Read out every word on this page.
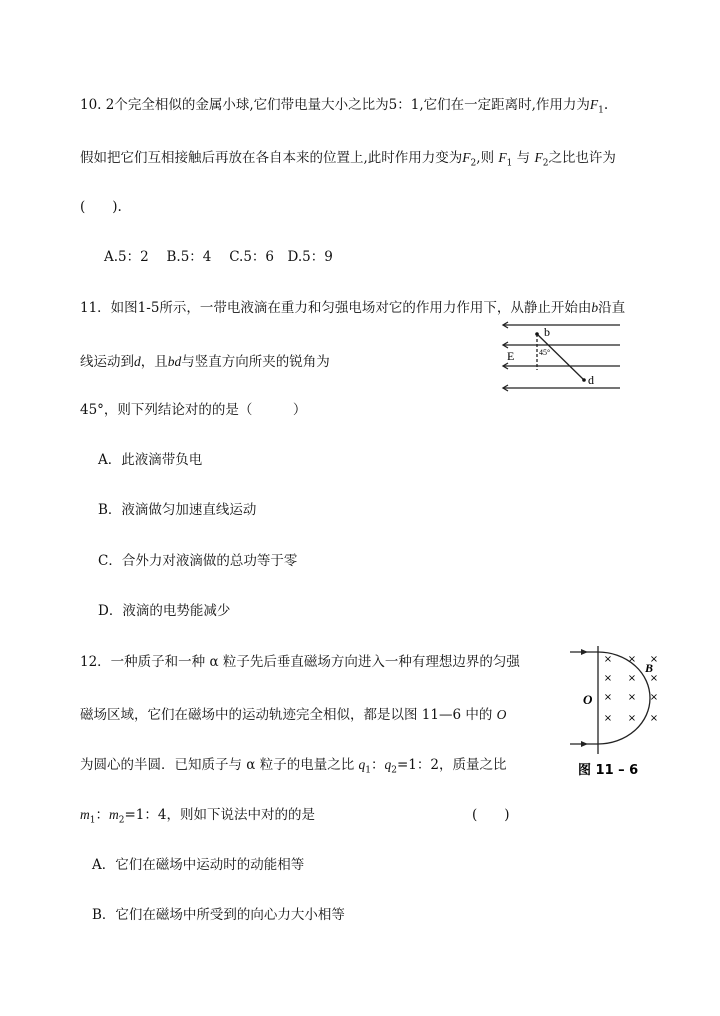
10. 2个完全相似的金属小球,它们带电量大小之比为5：1,它们在一定距离时,作用力为$F_1$.
假如把它们互相接触后再放在各自本来的位置上,此时作用力变为$F_2$,则 $F_1$ 与 $F_2$之比也许为
(　　).
A.5：2　 B.5：4　 C.5：6　D.5：9
11．如图1-5所示，一带电液滴在重力和匀强电场对它的作用力作用下，从静止开始由b沿直
线运动到d，且bd与竖直方向所夹的锐角为
45°，则下列结论对的的是（　　　）
A．此液滴带负电
B．液滴做匀加速直线运动
C．合外力对液滴做的总功等于零
D．液滴的电势能减少
b
45°
E
d
12．一种质子和一种 α 粒子先后垂直磁场方向进入一种有理想边界的匀强
磁场区域，它们在磁场中的运动轨迹完全相似，都是以图 11—6 中的 O
为圆心的半圆．已知质子与 α 粒子的电量之比 $q_1$：$q_2=1$：2，质量之比
$m_1$：$m_2=1$：4，则如下说法中对的的是	(　　)
A．它们在磁场中运动时的动能相等
B．它们在磁场中所受到的向心力大小相等
× × ×
× × ×
× × ×
× × ×
O
B
图 11 – 6
